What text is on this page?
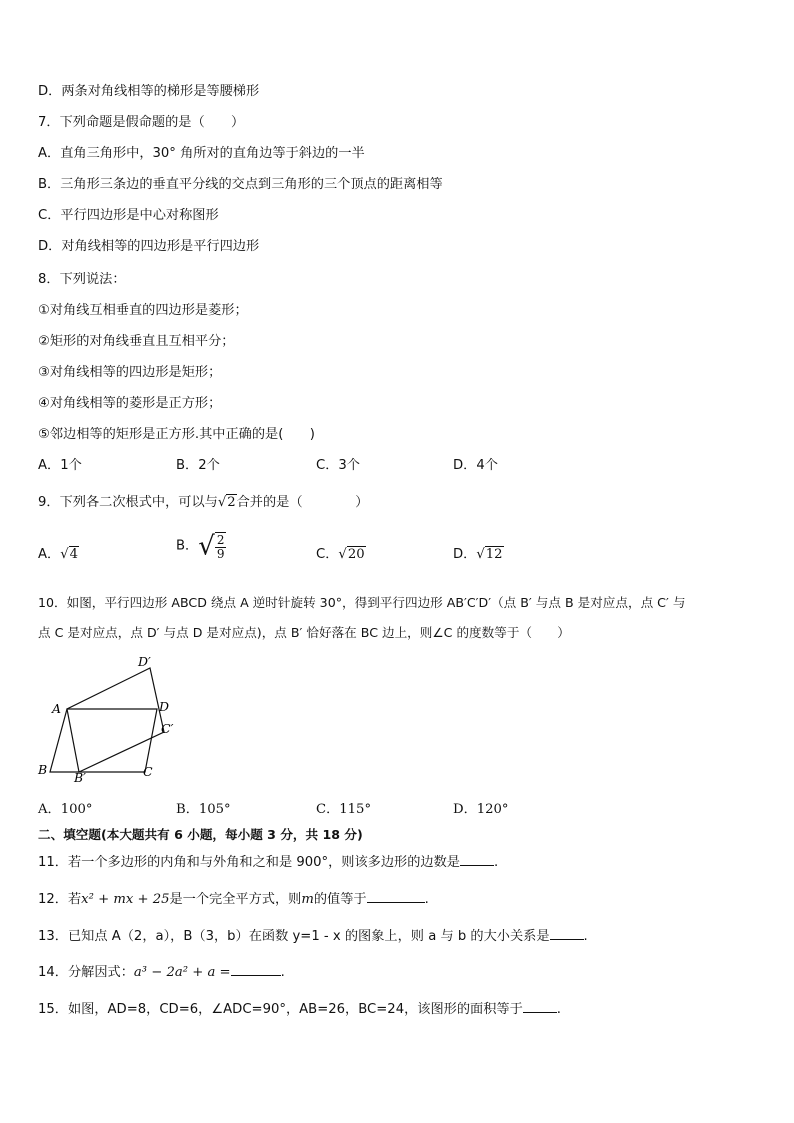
D．两条对角线相等的梯形是等腰梯形
7．下列命题是假命题的是（　　）
A．直角三角形中，30° 角所对的直角边等于斜边的一半
B．三角形三条边的垂直平分线的交点到三角形的三个顶点的距离相等
C．平行四边形是中心对称图形
D．对角线相等的四边形是平行四边形
8．下列说法：
①对角线互相垂直的四边形是菱形；
②矩形的对角线垂直且互相平分；
③对角线相等的四边形是矩形；
④对角线相等的菱形是正方形；
⑤邻边相等的矩形是正方形.其中正确的是(　　)
A．1个	B．2个	C．3个	D．4个
9．下列各二次根式中，可以与√2合并的是（　　　　）
A．√4
B．√ $\frac{2}{9}$	C．√20	D．√12
10．如图，平行四边形 ABCD 绕点 A 逆时针旋转 30°，得到平行四边形 AB′C′D′（点 B′ 与点 B 是对应点，点 C′ 与
点 C 是对应点，点 D′ 与点 D 是对应点)，点 B′ 恰好落在 BC 边上，则∠C 的度数等于（　　）
D′
A	D
C′
B
B′	C
A．100°	B．105°	C．115°	D．120°
二、填空题(本大题共有 6 小题，每小题 3 分，共 18 分)
11．若一个多边形的内角和与外角和之和是 900°，则该多边形的边数是	.
12．若x² + mx + 25是一个完全平方式，则m的值等于	.
13．已知点 A（2，a），B（3，b）在函数 y=1 - x 的图象上，则 a 与 b 的大小关系是	.
14．分解因式：a³ − 2a² + a =	.
15．如图，AD=8，CD=6，∠ADC=90°，AB=26，BC=24，该图形的面积等于	.
